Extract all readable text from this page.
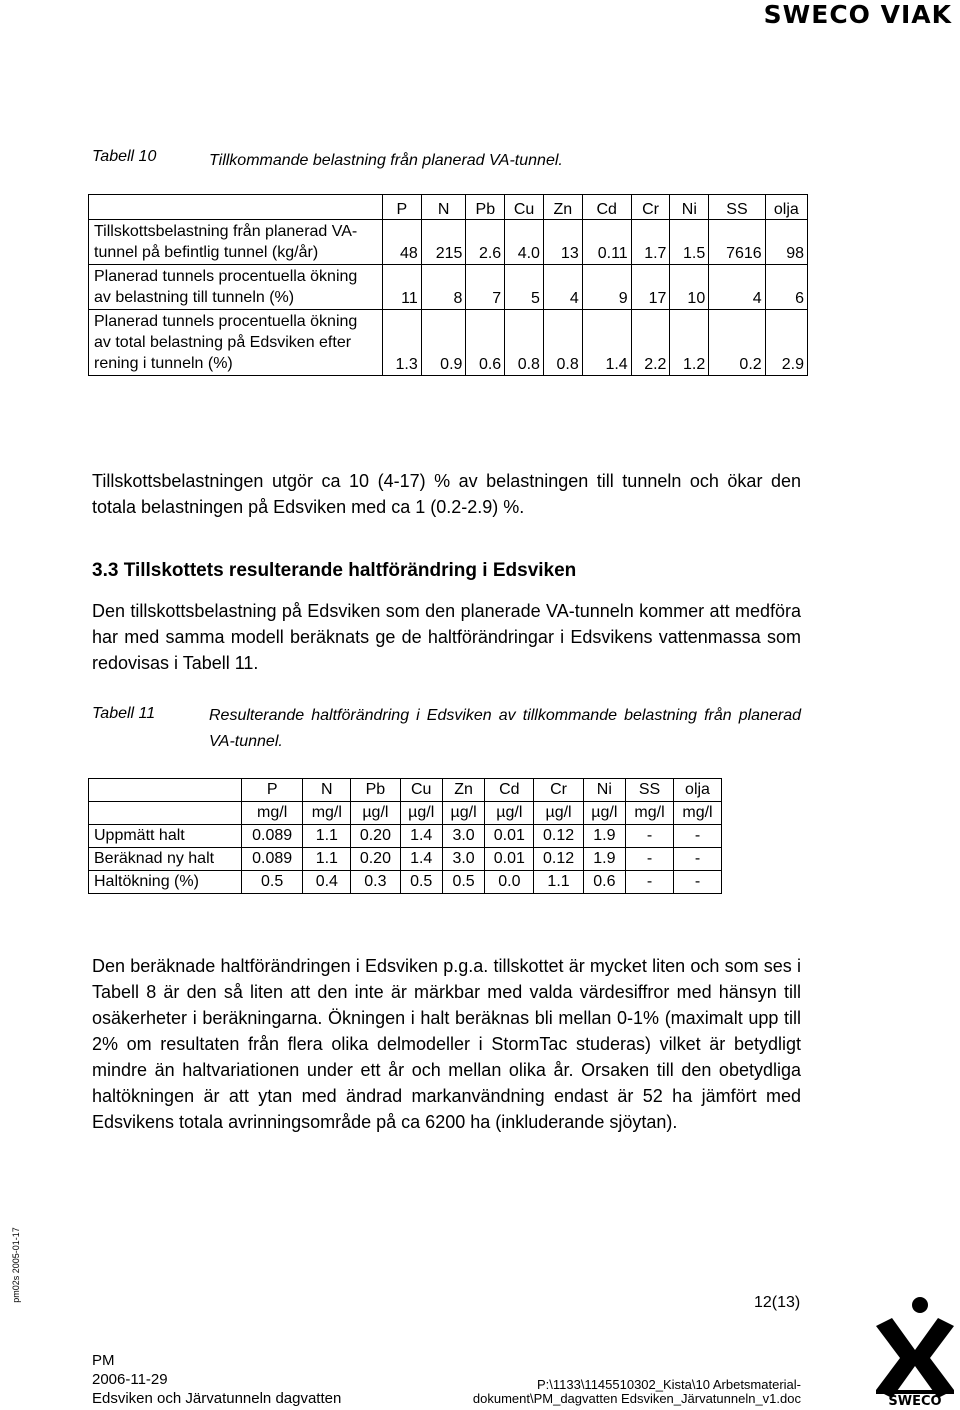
SWECO VIAK
Tabell 10	Tillkommande belastning från planerad VA-tunnel.
	P	N	Pb	Cu	Zn	Cd	Cr	Ni	SS	olja
Tillskottsbelastning från planerad VA-tunnel på befintlig tunnel (kg/år)	48	215	2.6	4.0	13	0.11	1.7	1.5	7616	98
Planerad tunnels procentuella ökning av belastning till tunneln (%)	11	8	7	5	4	9	17	10	4	6
Planerad tunnels procentuella ökning av total belastning på Edsviken efter rening i tunneln (%)	1.3	0.9	0.6	0.8	0.8	1.4	2.2	1.2	0.2	2.9
Tillskottsbelastningen utgör ca 10 (4-17) % av belastningen till tunneln och ökar den totala belastningen på Edsviken med ca 1 (0.2-2.9) %.
3.3 Tillskottets resulterande haltförändring i Edsviken
Den tillskottsbelastning på Edsviken som den planerade VA-tunneln kommer att medföra har med samma modell beräknats ge de haltförändringar i Edsvikens vattenmassa som redovisas i Tabell 11.
Tabell 11	Resulterande haltförändring i Edsviken av tillkommande belastning från planerad VA-tunnel.
	P	N	Pb	Cu	Zn	Cd	Cr	Ni	SS	olja
	mg/l	mg/l	µg/l	µg/l	µg/l	µg/l	µg/l	µg/l	mg/l	mg/l
Uppmätt halt	0.089	1.1	0.20	1.4	3.0	0.01	0.12	1.9	-	-
Beräknad ny halt	0.089	1.1	0.20	1.4	3.0	0.01	0.12	1.9	-	-
Haltökning (%)	0.5	0.4	0.3	0.5	0.5	0.0	1.1	0.6	-	-
Den beräknade haltförändringen i Edsviken p.g.a. tillskottet är mycket liten och som ses i Tabell 8 är den så liten att den inte är märkbar med valda värdesiffror med hänsyn till osäkerheter i beräkningarna. Ökningen i halt beräknas bli mellan 0-1% (maximalt upp till 2% om resultaten från flera olika delmodeller i StormTac studeras) vilket är betydligt mindre än haltvariationen under ett år och mellan olika år. Orsaken till den obetydliga haltökningen är att ytan med ändrad markanvändning endast är 52 ha jämfört med Edsvikens totala avrinningsområde på ca 6200 ha (inkluderande sjöytan).
pm02s 2005-01-17	12(13)
PM
2006-11-29
Edsviken och Järvatunneln dagvatten
P:\1133\1145510302_Kista\10 Arbetsmaterial-
dokument\PM_dagvatten Edsviken_Järvatunneln_v1.doc	SWECO
